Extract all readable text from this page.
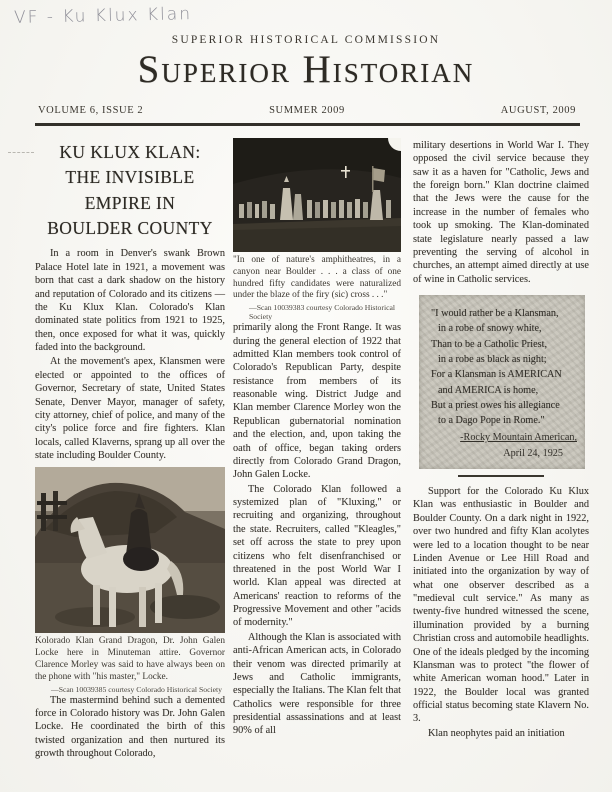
VF - Ku Klux Klan
SUPERIOR HISTORICAL COMMISSION
Superior Historian
VOLUME 6, ISSUE 2	SUMMER 2009	AUGUST, 2009
KU KLUX KLAN:
THE INVISIBLE
EMPIRE IN
BOULDER COUNTY

In a room in Denver's swank Brown Palace Hotel late in 1921, a movement was born that cast a dark shadow on the history and reputation of Colorado and its citizens — the Ku Klux Klan. Colorado's Klan dominated state politics from 1921 to 1925, then, once exposed for what it was, quickly faded into the background.

At the movement's apex, Klansmen were elected or appointed to the offices of Governor, Secretary of state, United States Senate, Denver Mayor, manager of safety, city attorney, chief of police, and many of the city's police force and fire fighters. Klan locals, called Klaverns, sprang up all over the state including Boulder County.

Kolorado Klan Grand Dragon, Dr. John Galen Locke here in Minuteman attire. Governor Clarence Morley was said to have always been on the phone with "his master," Locke.

—Scan 10039385 courtesy Colorado Historical Society

The mastermind behind such a demented force in Colorado history was Dr. John Galen Locke. He coordinated the birth of this twisted organization and then nurtured its growth throughout Colorado,

"In one of nature's amphitheatres, in a canyon near Boulder . . . a class of one hundred fifty candidates were naturalized under the blaze of the firy (sic) cross . . ."

—Scan 10039383 courtesy Colorado Historical Society

primarily along the Front Range. It was during the general election of 1922 that admitted Klan members took control of Colorado's Republican Party, despite resistance from members of its reasonable wing. District Judge and Klan member Clarence Morley won the Republican gubernatorial nomination and the election, and, upon taking the oath of office, began taking orders directly from Colorado Grand Dragon, John Galen Locke.

The Colorado Klan followed a systemized plan of "Kluxing," or recruiting and organizing, throughout the state. Recruiters, called "Kleagles," set off across the state to prey upon citizens who felt disenfranchised or threatened in the post World War I world. Klan appeal was directed at Americans' reaction to reforms of the Progressive Movement and other "acids of modernity."

Although the Klan is associated with anti-African American acts, in Colorado their venom was directed primarily at Jews and Catholic immigrants, especially the Italians. The Klan felt that Catholics were responsible for three presidential assassinations and at least 90% of all

military desertions in World War I. They opposed the civil service because they saw it as a haven for "Catholic, Jews and the foreign born." Klan doctrine claimed that the Jews were the cause for the increase in the number of females who took up smoking. The Klan-dominated state legislature nearly passed a law preventing the serving of alcohol in churches, an attempt aimed directly at use of wine in Catholic services.

"I would rather be a Klansman,
in a robe of snowy white,
Than to be a Catholic Priest,
in a robe as black as night;
For a Klansman is AMERICAN
and AMERICA is home,
But a priest owes his allegiance
to a Dago Pope in Rome."
-Rocky Mountain American,
April 24, 1925

Support for the Colorado Ku Klux Klan was enthusiastic in Boulder and Boulder County. On a dark night in 1922, over two hundred and fifty Klan acolytes were led to a location thought to be near Linden Avenue or Lee Hill Road and initiated into the organization by way of what one observer described as a "medieval cult service." As many as twenty-five hundred witnessed the scene, illumination provided by a burning Christian cross and automobile headlights. One of the ideals pledged by the incoming Klansman was to protect "the flower of white American woman hood." Later in 1922, the Boulder local was granted official status becoming state Klavern No. 3.

Klan neophytes paid an initiation
